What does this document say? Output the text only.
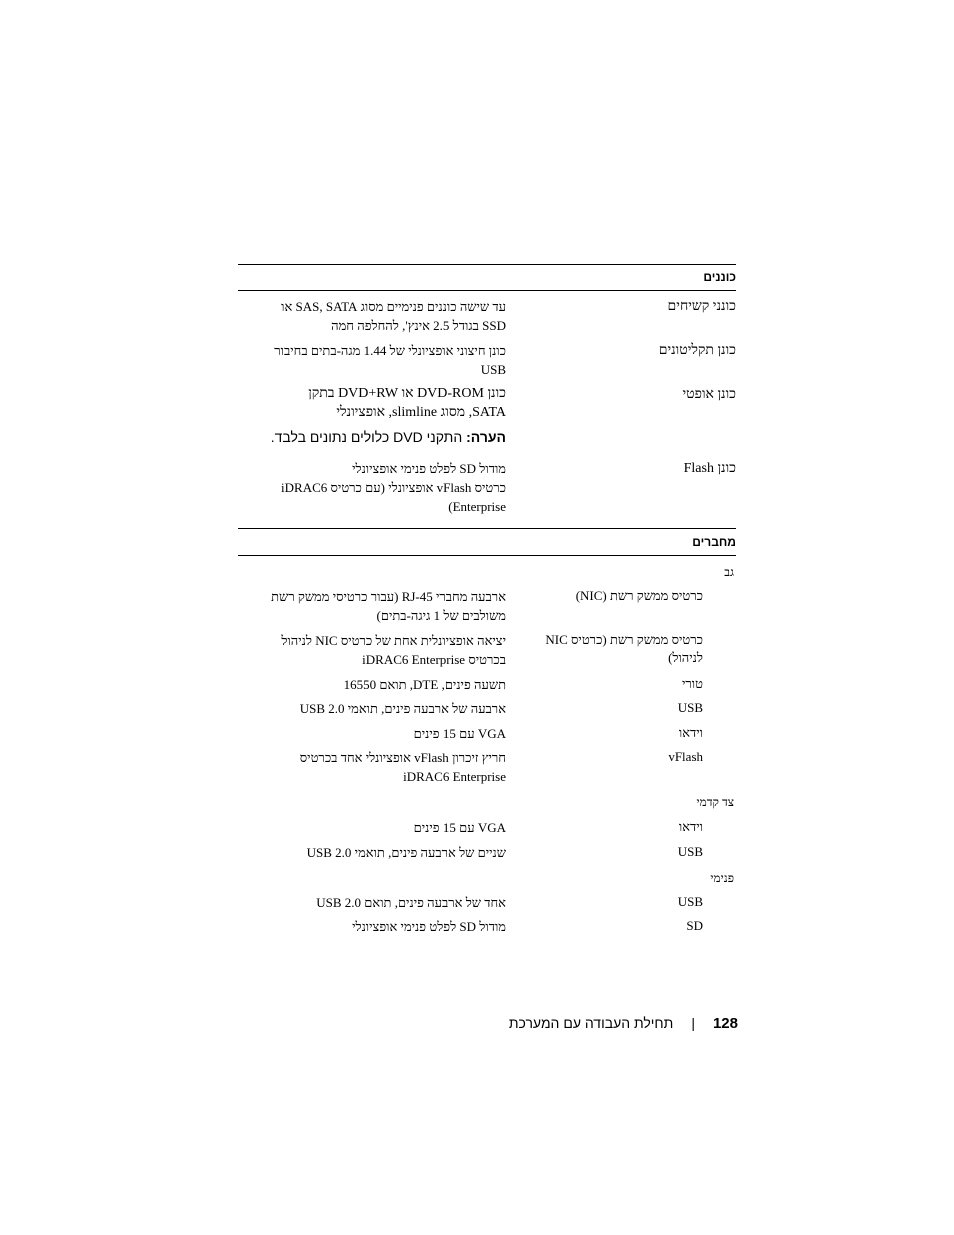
כוננים
כונני קשיחים
עד שישה כוננים פנימיים מסוג SAS, SATA או
SSD בגודל 2.5 אינץ', להחלפה חמה
כונן תקליטונים
כונן חיצוני אופציונלי של 1.44 מגה-בתים בחיבור
USB
כונן אופטי
כונן DVD-ROM או DVD+RW בתקן
SATA, מסוג slimline, אופציונלי
הערה: התקני DVD כלולים נתונים בלבד.
כונן Flash
מודול SD לפלט פנימי אופציונלי
כרטיס vFlash אופציונלי (עם כרטיס iDRAC6
Enterprise)
מחברים
גב
כרטיס ממשק רשת (NIC)
ארבעה מחברי RJ-45 (עבור כרטיסי ממשק רשת
משולבים של 1 גיגה-בתים)
כרטיס ממשק רשת (כרטיס NIC
לניהול)
יציאה אופציונלית אחת של כרטיס NIC לניהול
בכרטיס iDRAC6 Enterprise
טורי
תשעה פינים, DTE, תואם 16550
USB
ארבעה של ארבעה פינים, תואמי USB 2.0
וידאו
VGA עם 15 פינים
vFlash
חריץ זיכרון vFlash אופציונלי אחד בכרטיס
iDRAC6 Enterprise
צד קדמי
וידאו
VGA עם 15 פינים
USB
שניים של ארבעה פינים, תואמי USB 2.0
פנימי
USB
אחד של ארבעה פינים, תואם USB 2.0
SD
מודול SD לפלט פנימי אופציונלי
128|תחילת העבודה עם המערכת
